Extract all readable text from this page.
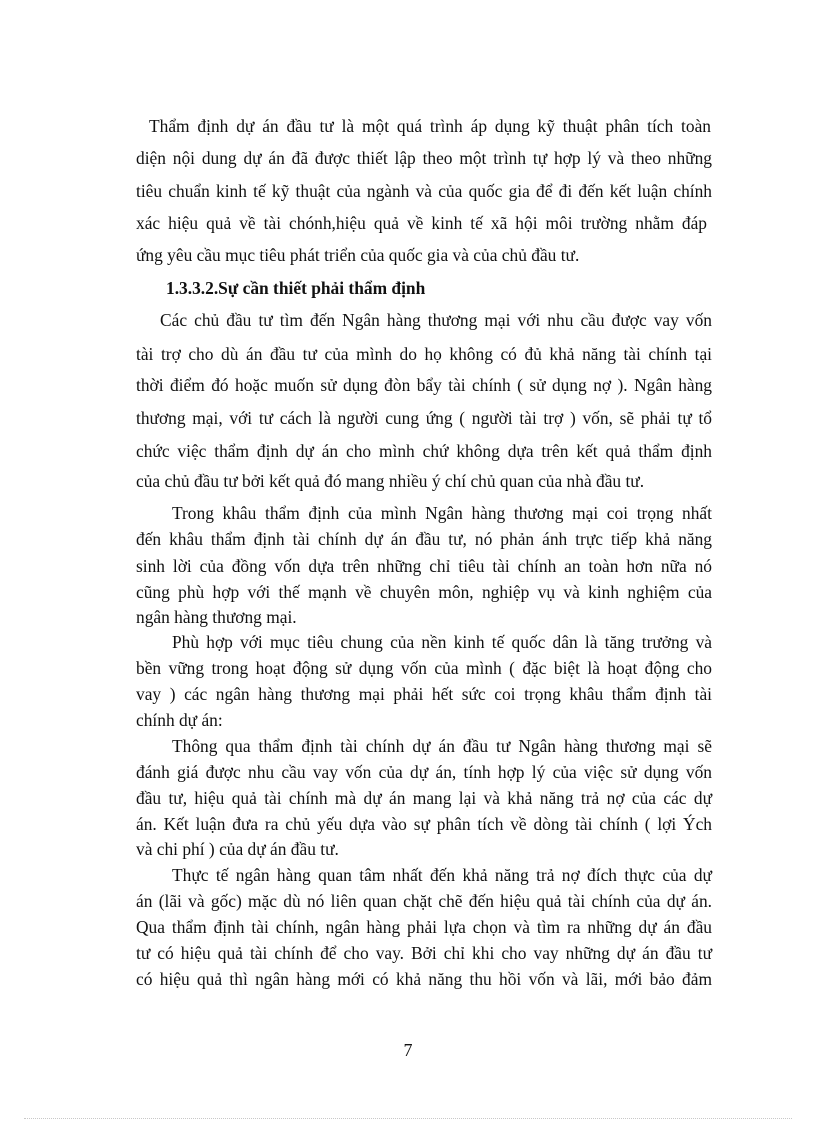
Thẩm định dự án đầu tư là một quá trình áp dụng kỹ thuật phân tích toàn
diện nội dung dự án đã được thiết lập theo một trình tự hợp lý và theo những
tiêu chuẩn kinh tế kỹ thuật của ngành và của quốc gia để đi đến kết luận chính
xác hiệu quả về tài chónh,hiệu quả về kinh tế xã hội môi trường nhằm đáp
ứng yêu cầu mục tiêu phát triển của quốc gia và của chủ đầu tư.
1.3.3.2.Sự cần thiết phải thẩm định
Các chủ đầu tư tìm đến Ngân hàng thương mại với nhu cầu được vay vốn
tài trợ cho dù án đầu tư của mình do họ không có đủ khả năng tài chính tại
thời điểm đó hoặc muốn sử dụng đòn bẩy tài chính ( sử dụng nợ ). Ngân hàng
thương mại, với tư cách là người cung ứng ( người tài trợ ) vốn, sẽ phải tự tổ
chức việc thẩm định dự án cho mình chứ không dựa trên kết quả thẩm định
của chủ đầu tư bởi kết quả đó mang nhiều ý chí chủ quan của nhà đầu tư.
Trong khâu thẩm định của mình Ngân hàng thương mại coi trọng nhất
đến khâu thẩm định tài chính dự án đầu tư, nó phản ánh trực tiếp khả năng
sinh lời của đồng vốn dựa trên những chỉ tiêu tài chính an toàn hơn nữa nó
cũng phù hợp với thế mạnh về chuyên môn, nghiệp vụ và kinh nghiệm của
ngân hàng thương mại.
Phù hợp với mục tiêu chung của nền kinh tế quốc dân là tăng trưởng và
bền vững trong hoạt động sử dụng vốn của mình ( đặc biệt là hoạt động cho
vay ) các ngân hàng thương mại phải hết sức coi trọng khâu thẩm định tài
chính dự án:
Thông qua thẩm định tài chính dự án đầu tư Ngân hàng thương mại sẽ
đánh giá được nhu cầu vay vốn của dự án, tính hợp lý của việc sử dụng vốn
đầu tư, hiệu quả tài chính mà dự án mang lại và khả năng trả nợ của các dự
án. Kết luận đưa ra chủ yếu dựa vào sự phân tích về dòng tài chính ( lợi Ých
và chi phí ) của dự án đầu tư.
Thực tế ngân hàng quan tâm nhất đến khả năng trả nợ đích thực của dự
án (lãi và gốc) mặc dù nó liên quan chặt chẽ đến hiệu quả tài chính của dự án.
Qua thẩm định tài chính, ngân hàng phải lựa chọn và tìm ra những dự án đầu
tư có hiệu quả tài chính để cho vay. Bởi chỉ khi cho vay những dự án đầu tư
có hiệu quả thì ngân hàng mới có khả năng thu hồi vốn và lãi, mới bảo đảm
7
